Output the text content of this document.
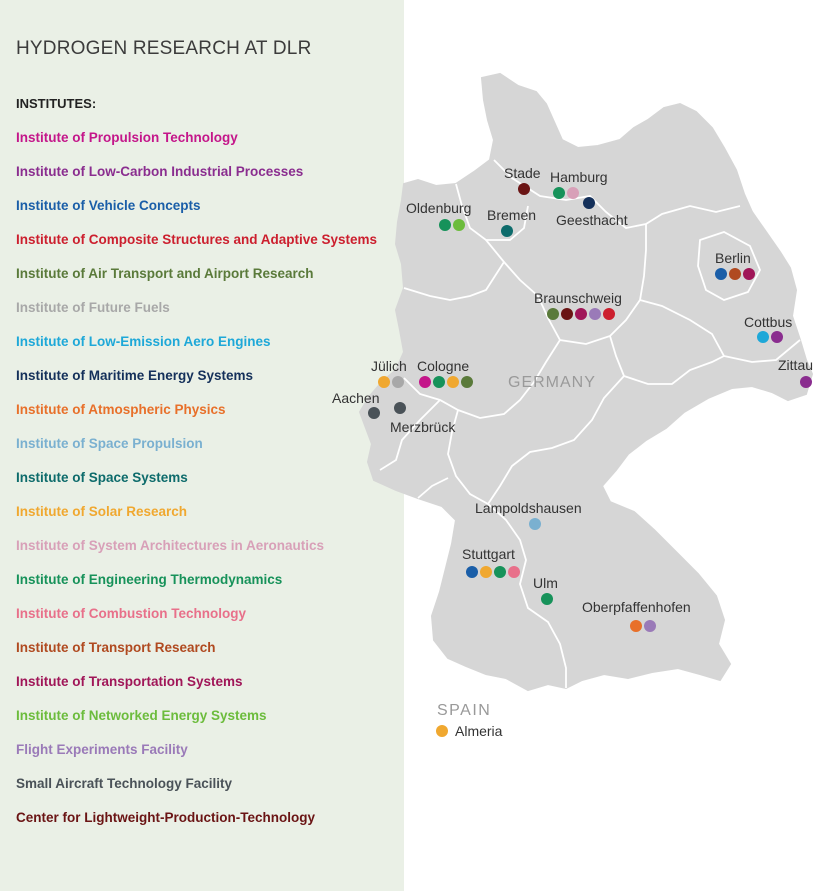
HYDROGEN RESEARCH AT DLR
INSTITUTES:
Institute of Propulsion Technology
Institute of Low-Carbon Industrial Processes
Institute of Vehicle Concepts
Institute of Composite Structures and Adaptive Systems
Institute of Air Transport and Airport Research
Institute of Future Fuels
Institute of Low-Emission Aero Engines
Institute of Maritime Energy Systems
Institute of Atmospheric Physics
Institute of Space Propulsion
Institute of Space Systems
Institute of Solar Research
Institute of System Architectures in Aeronautics
Institute of Engineering Thermodynamics
Institute of Combustion Technology
Institute of Transport Research
Institute of Transportation Systems
Institute of Networked Energy Systems
Flight Experiments Facility
Small Aircraft Technology Facility
Center for Lightweight-Production-Technology
GERMANY
SPAIN
Stade Hamburg
Geesthacht
Oldenburg Bremen
Berlin
Braunschweig
Cottbus
Zittau
Jülich Cologne
Aachen
Merzbrück
Lampoldshausen
Stuttgart
Ulm
Oberpfaffenhofen
Almeria
